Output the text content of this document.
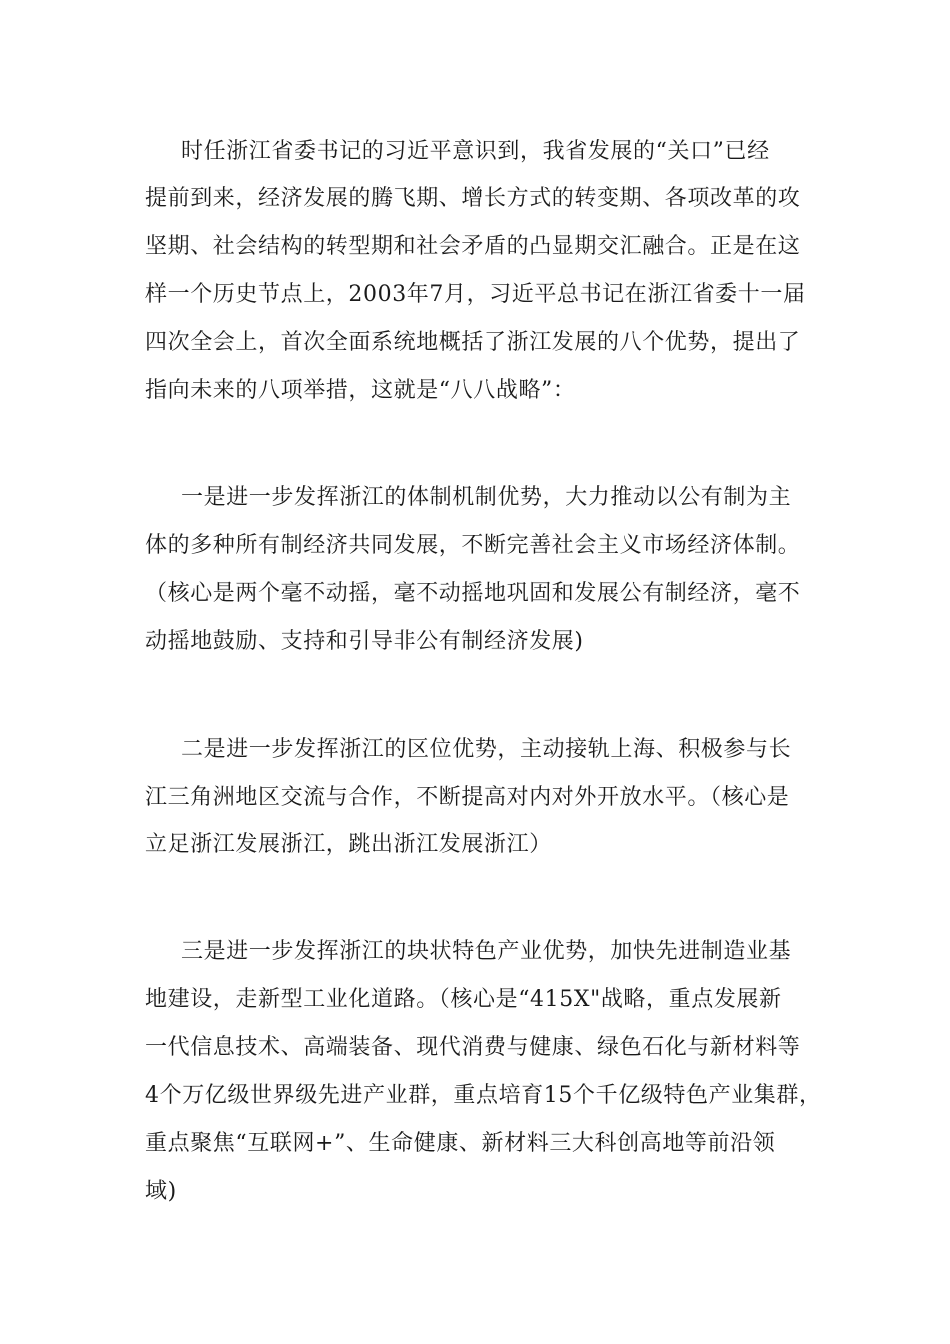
时任浙江省委书记的习近平意识到，我省发展的“关口”已经
提前到来，经济发展的腾飞期、增长方式的转变期、各项改革的攻
坚期、社会结构的转型期和社会矛盾的凸显期交汇融合。正是在这
样一个历史节点上，2003年7月，习近平总书记在浙江省委十一届
四次全会上，首次全面系统地概括了浙江发展的八个优势，提出了
指向未来的八项举措，这就是“八八战略”：
一是进一步发挥浙江的体制机制优势，大力推动以公有制为主
体的多种所有制经济共同发展，不断完善社会主义市场经济体制。
（核心是两个毫不动摇，毫不动摇地巩固和发展公有制经济，毫不
动摇地鼓励、支持和引导非公有制经济发展)
二是进一步发挥浙江的区位优势，主动接轨上海、积极参与长
江三角洲地区交流与合作，不断提高对内对外开放水平。（核心是
立足浙江发展浙江，跳出浙江发展浙江）
三是进一步发挥浙江的块状特色产业优势，加快先进制造业基
地建设，走新型工业化道路。（核心是“415X"战略，重点发展新
一代信息技术、高端装备、现代消费与健康、绿色石化与新材料等
4个万亿级世界级先进产业群，重点培育15个千亿级特色产业集群，
重点聚焦“互联网+”、生命健康、新材料三大科创高地等前沿领
域)
